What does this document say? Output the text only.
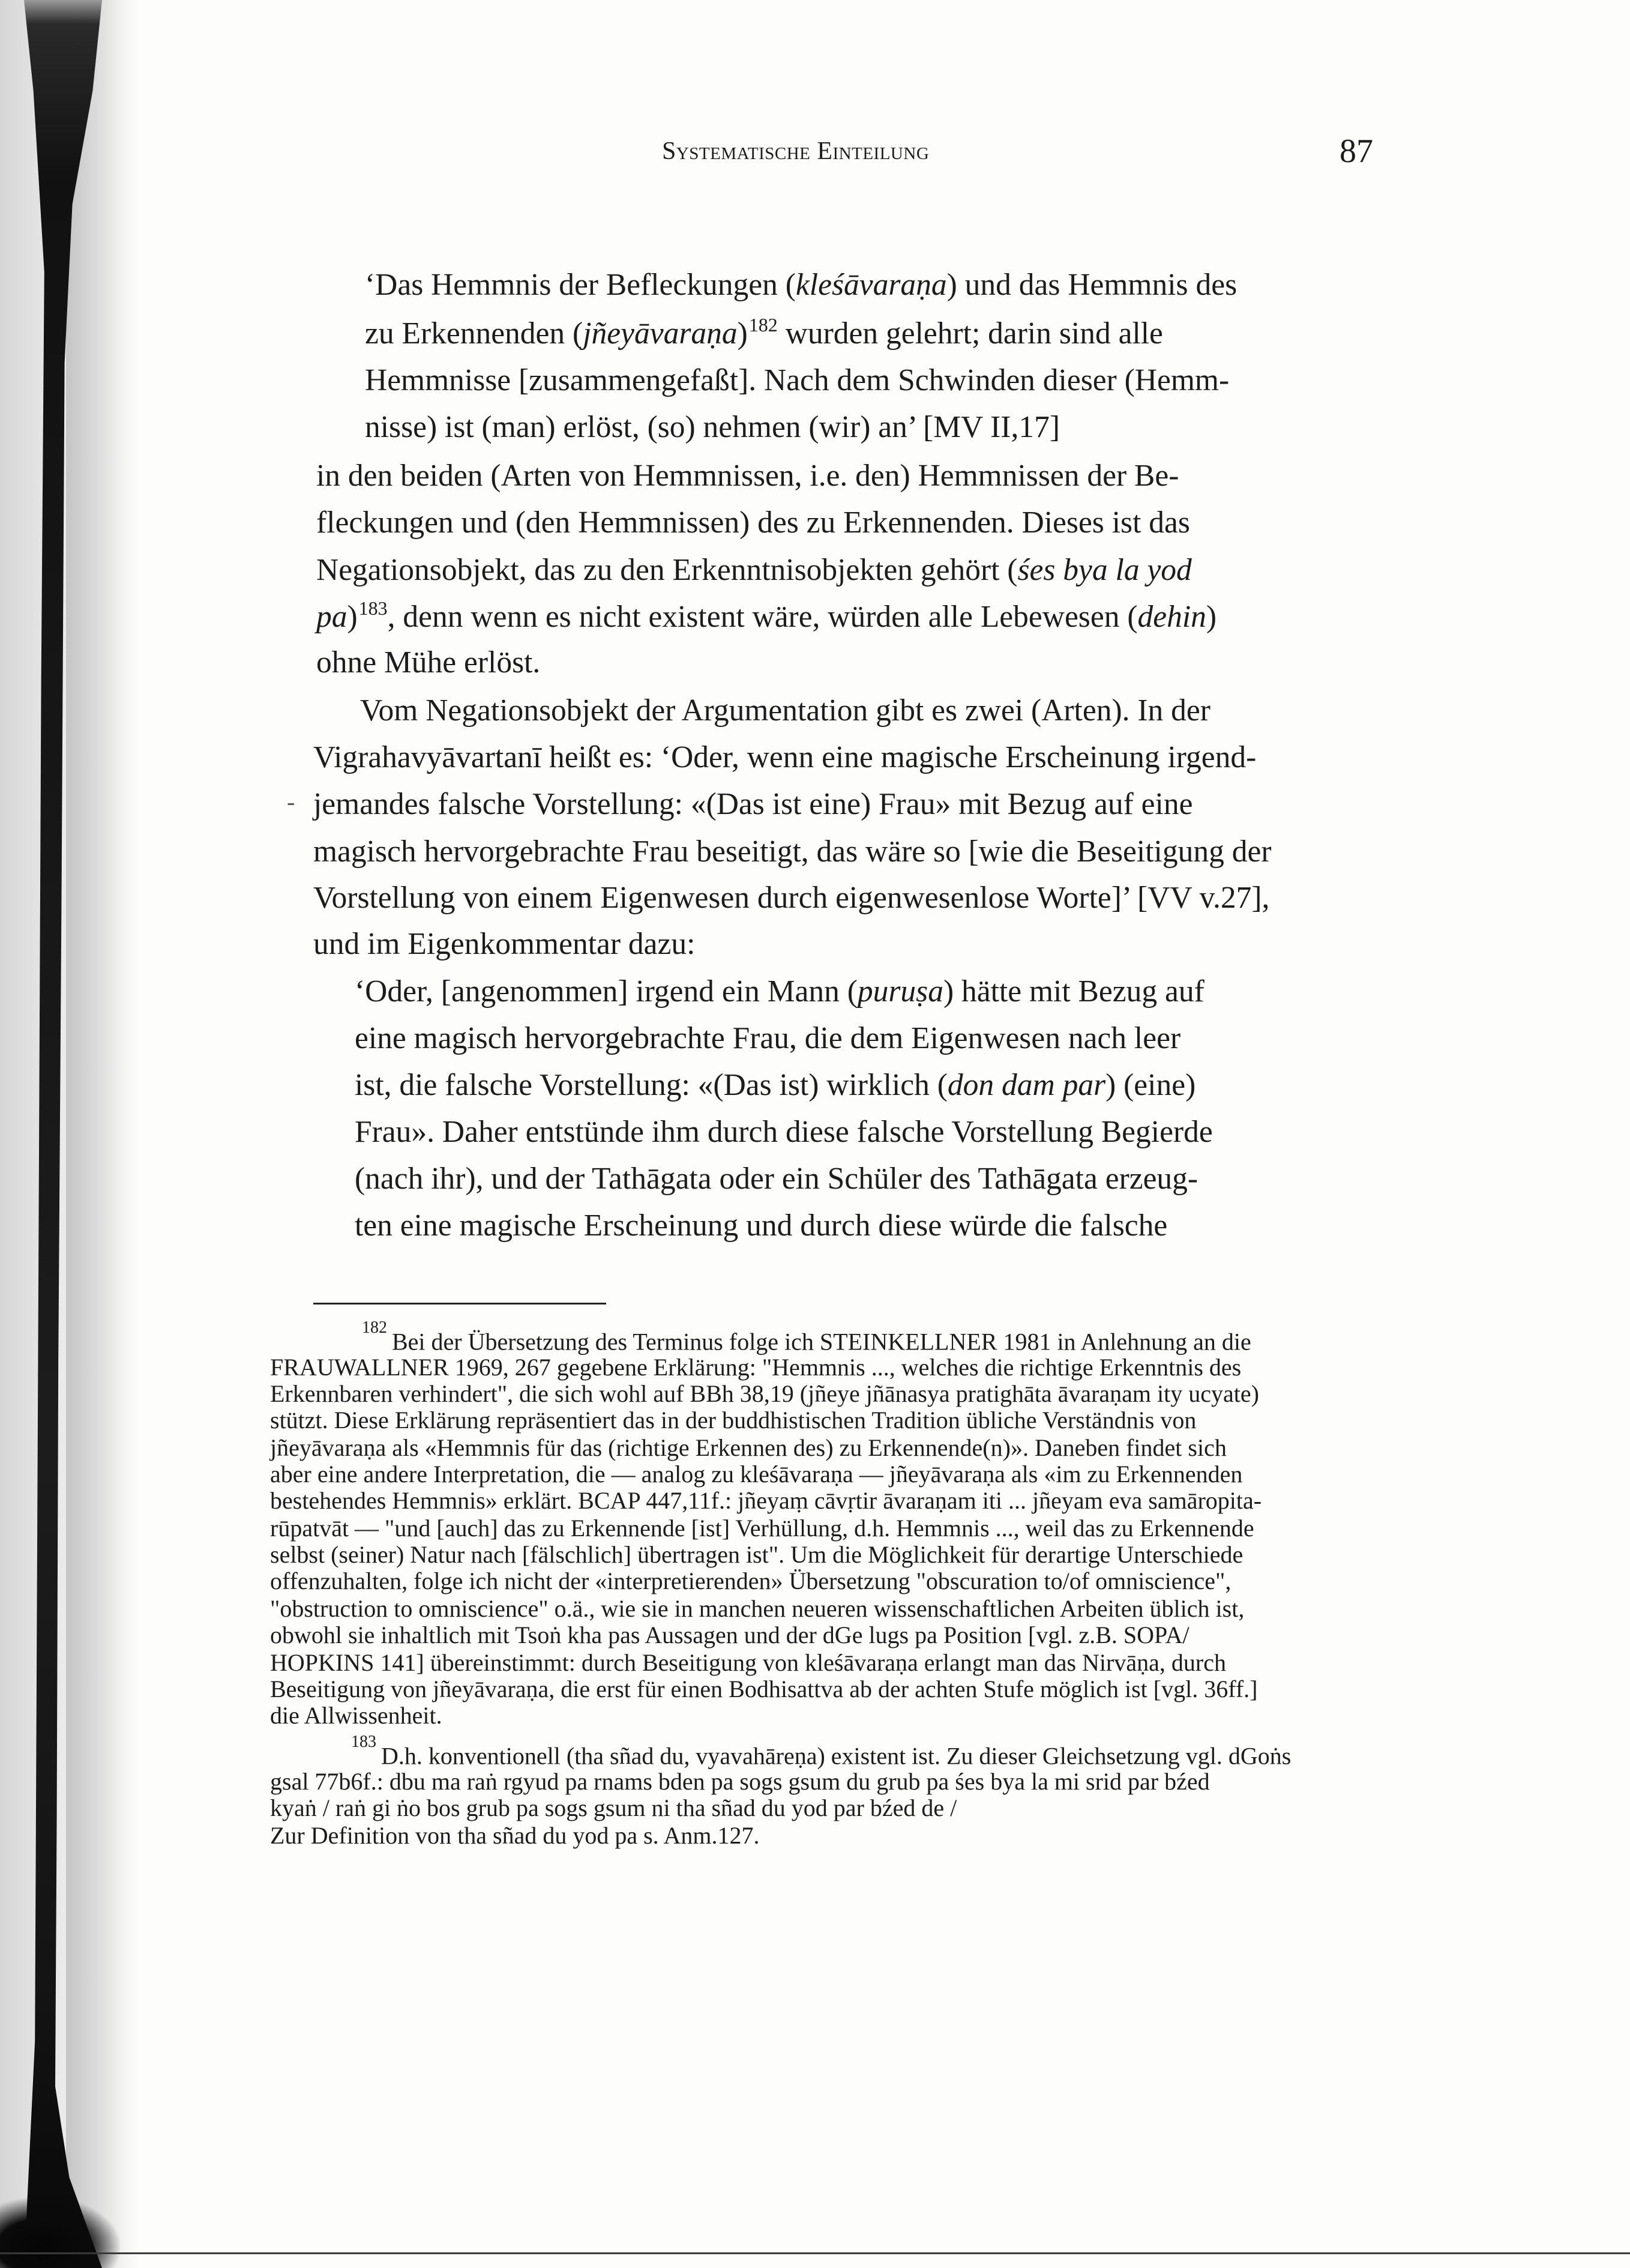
Systematische Einteilung	87
‘Das Hemmnis der Befleckungen (kleśāvaraṇa) und das Hemmnis des
zu Erkennenden (jñeyāvaraṇa)$^{182}$ wurden gelehrt; darin sind alle
Hemmnisse [zusammengefaßt]. Nach dem Schwinden dieser (Hemm-
nisse) ist (man) erlöst, (so) nehmen (wir) an’ [MV II,17]
in den beiden (Arten von Hemmnissen, i.e. den) Hemmnissen der Be-
fleckungen und (den Hemmnissen) des zu Erkennenden. Dieses ist das
Negationsobjekt, das zu den Erkenntnisobjekten gehört (śes bya la yod
pa)$^{183}$, denn wenn es nicht existent wäre, würden alle Lebewesen (dehin)
ohne Mühe erlöst.
Vom Negationsobjekt der Argumentation gibt es zwei (Arten). In der
Vigrahavyāvartanī heißt es: ‘Oder, wenn eine magische Erscheinung irgend-
- jemandes falsche Vorstellung: «(Das ist eine) Frau» mit Bezug auf eine
magisch hervorgebrachte Frau beseitigt, das wäre so [wie die Beseitigung der
Vorstellung von einem Eigenwesen durch eigenwesenlose Worte]’ [VV v.27],
und im Eigenkommentar dazu:
‘Oder, [angenommen] irgend ein Mann (puruṣa) hätte mit Bezug auf
eine magisch hervorgebrachte Frau, die dem Eigenwesen nach leer
ist, die falsche Vorstellung: «(Das ist) wirklich (don dam par) (eine)
Frau». Daher entstünde ihm durch diese falsche Vorstellung Begierde
(nach ihr), und der Tathāgata oder ein Schüler des Tathāgata erzeug-
ten eine magische Erscheinung und durch diese würde die falsche
$^{182}$Bei der Übersetzung des Terminus folge ich STEINKELLNER 1981 in Anlehnung an die
FRAUWALLNER 1969, 267 gegebene Erklärung: "Hemmnis ..., welches die richtige Erkenntnis des
Erkennbaren verhindert", die sich wohl auf BBh 38,19 (jñeye jñānasya pratighāta āvaraṇam ity ucyate)
stützt. Diese Erklärung repräsentiert das in der buddhistischen Tradition übliche Verständnis von
jñeyāvaraṇa als «Hemmnis für das (richtige Erkennen des) zu Erkennende(n)». Daneben findet sich
aber eine andere Interpretation, die — analog zu kleśāvaraṇa — jñeyāvaraṇa als «im zu Erkennenden
bestehendes Hemmnis» erklärt. BCAP 447,11f.: jñeyaṃ cāvṛtir āvaraṇam iti ... jñeyam eva samāropita-
rūpatvāt — "und [auch] das zu Erkennende [ist] Verhüllung, d.h. Hemmnis ..., weil das zu Erkennende
selbst (seiner) Natur nach [fälschlich] übertragen ist". Um die Möglichkeit für derartige Unterschiede
offenzuhalten, folge ich nicht der «interpretierenden» Übersetzung "obscuration to/of omniscience",
"obstruction to omniscience" o.ä., wie sie in manchen neueren wissenschaftlichen Arbeiten üblich ist,
obwohl sie inhaltlich mit Tsoṅ kha pas Aussagen und der dGe lugs pa Position [vgl. z.B. SOPA/
HOPKINS 141] übereinstimmt: durch Beseitigung von kleśāvaraṇa erlangt man das Nirvāṇa, durch
Beseitigung von jñeyāvaraṇa, die erst für einen Bodhisattva ab der achten Stufe möglich ist [vgl. 36ff.]
die Allwissenheit.
$^{183}$D.h. konventionell (tha sñad du, vyavahāreṇa) existent ist. Zu dieser Gleichsetzung vgl. dGoṅs
gsal 77b6f.: dbu ma raṅ rgyud pa rnams bden pa sogs gsum du grub pa śes bya la mi srid par bźed
kyaṅ / raṅ gi ṅo bos grub pa sogs gsum ni tha sñad du yod par bźed de /
Zur Definition von tha sñad du yod pa s. Anm.127.
